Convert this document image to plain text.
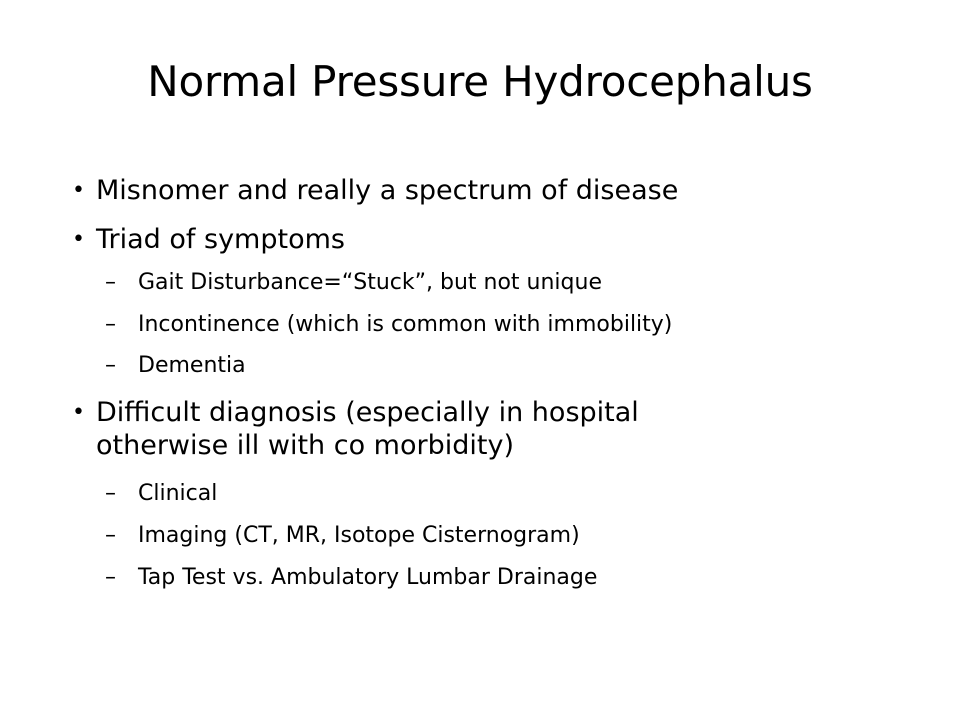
Normal Pressure Hydrocephalus
• Misnomer and really a spectrum of disease
• Triad of symptoms
– Gait Disturbance=“Stuck”, but not unique
– Incontinence (which is common with immobility)
– Dementia
• Difficult diagnosis (especially in hospital
otherwise ill with co morbidity)
– Clinical
– Imaging (CT, MR, Isotope Cisternogram)
– Tap Test vs. Ambulatory Lumbar Drainage
